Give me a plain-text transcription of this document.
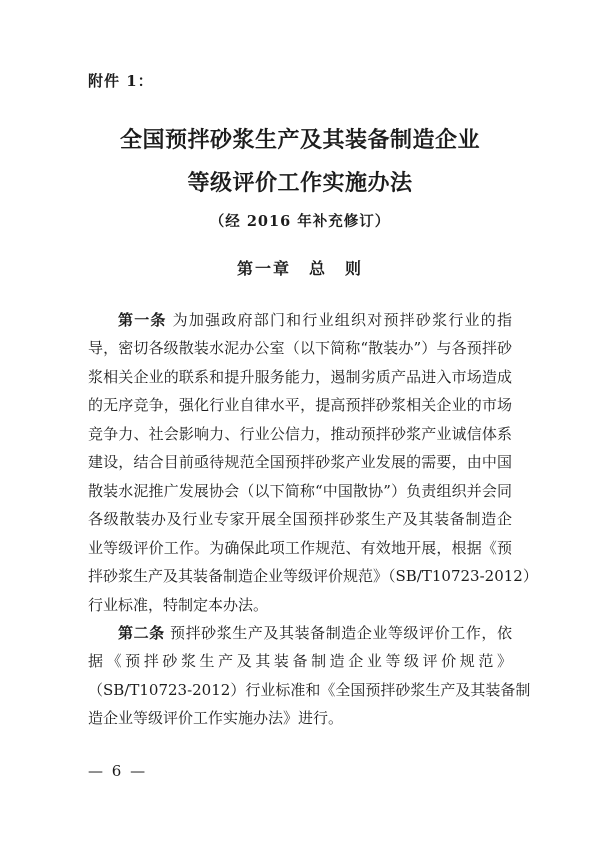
附件 1：
全国预拌砂浆生产及其装备制造企业
等级评价工作实施办法
（经 2016 年补充修订）
第一章　总　则
第一条 为加强政府部门和行业组织对预拌砂浆行业的指
导，密切各级散装水泥办公室（以下简称“散装办”）与各预拌砂
浆相关企业的联系和提升服务能力，遏制劣质产品进入市场造成
的无序竞争，强化行业自律水平，提高预拌砂浆相关企业的市场
竞争力、社会影响力、行业公信力，推动预拌砂浆产业诚信体系
建设，结合目前亟待规范全国预拌砂浆产业发展的需要，由中国
散装水泥推广发展协会（以下简称“中国散协”）负责组织并会同
各级散装办及行业专家开展全国预拌砂浆生产及其装备制造企
业等级评价工作。为确保此项工作规范、有效地开展，根据《预
拌砂浆生产及其装备制造企业等级评价规范》（SB/T10723-2012）
行业标准，特制定本办法。
第二条 预拌砂浆生产及其装备制造企业等级评价工作，依
据《预拌砂浆生产及其装备制造企业等级评价规范》
（SB/T10723-2012）行业标准和《全国预拌砂浆生产及其装备制
造企业等级评价工作实施办法》进行。
— 6 —
